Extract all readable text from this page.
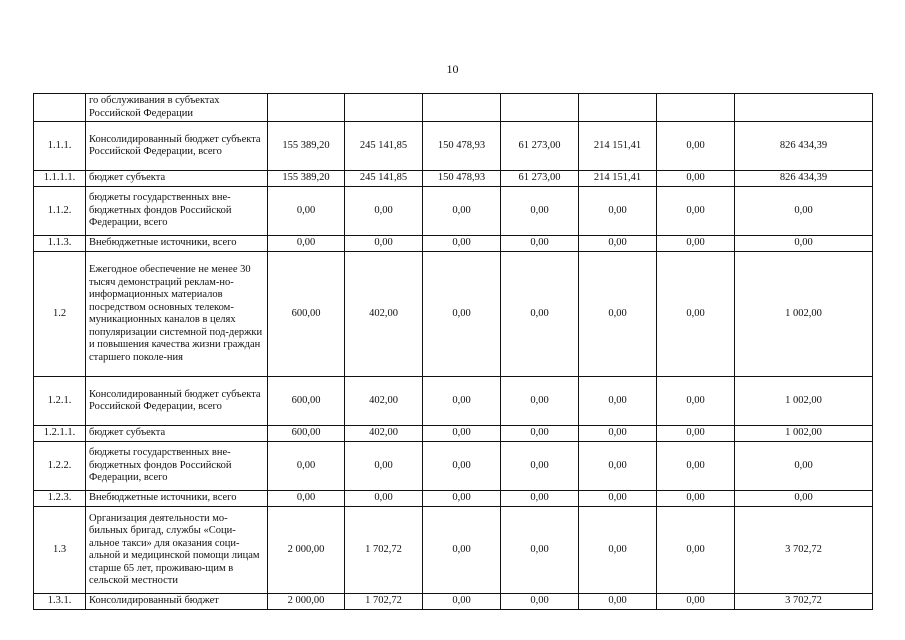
10
	го обслуживания в субъектах Российской Федерации							
1.1.1.	Консолидированный бюджет субъекта Российской Федерации, всего	155 389,20	245 141,85	150 478,93	61 273,00	214 151,41	0,00	826 434,39
1.1.1.1.	бюджет субъекта	155 389,20	245 141,85	150 478,93	61 273,00	214 151,41	0,00	826 434,39
1.1.2.	бюджеты государственных вне-бюджетных фондов Российской Федерации, всего	0,00	0,00	0,00	0,00	0,00	0,00	0,00
1.1.3.	Внебюджетные источники, всего	0,00	0,00	0,00	0,00	0,00	0,00	0,00
1.2	Ежегодное обеспечение не менее 30 тысяч демонстраций реклам-но-информационных материалов посредством основных телеком-муникационных каналов в целях популяризации системной под-держки и повышения качества жизни граждан старшего поколе-ния	600,00	402,00	0,00	0,00	0,00	0,00	1 002,00
1.2.1.	Консолидированный бюджет субъекта Российской Федерации, всего	600,00	402,00	0,00	0,00	0,00	0,00	1 002,00
1.2.1.1.	бюджет субъекта	600,00	402,00	0,00	0,00	0,00	0,00	1 002,00
1.2.2.	бюджеты государственных вне-бюджетных фондов Российской Федерации, всего	0,00	0,00	0,00	0,00	0,00	0,00	0,00
1.2.3.	Внебюджетные источники, всего	0,00	0,00	0,00	0,00	0,00	0,00	0,00
1.3	Организация деятельности мо-бильных бригад, службы «Соци-альное такси» для оказания соци-альной и медицинской помощи лицам старше 65 лет, проживаю-щим в сельской местности	2 000,00	1 702,72	0,00	0,00	0,00	0,00	3 702,72
1.3.1.	Консолидированный бюджет	2 000,00	1 702,72	0,00	0,00	0,00	0,00	3 702,72
